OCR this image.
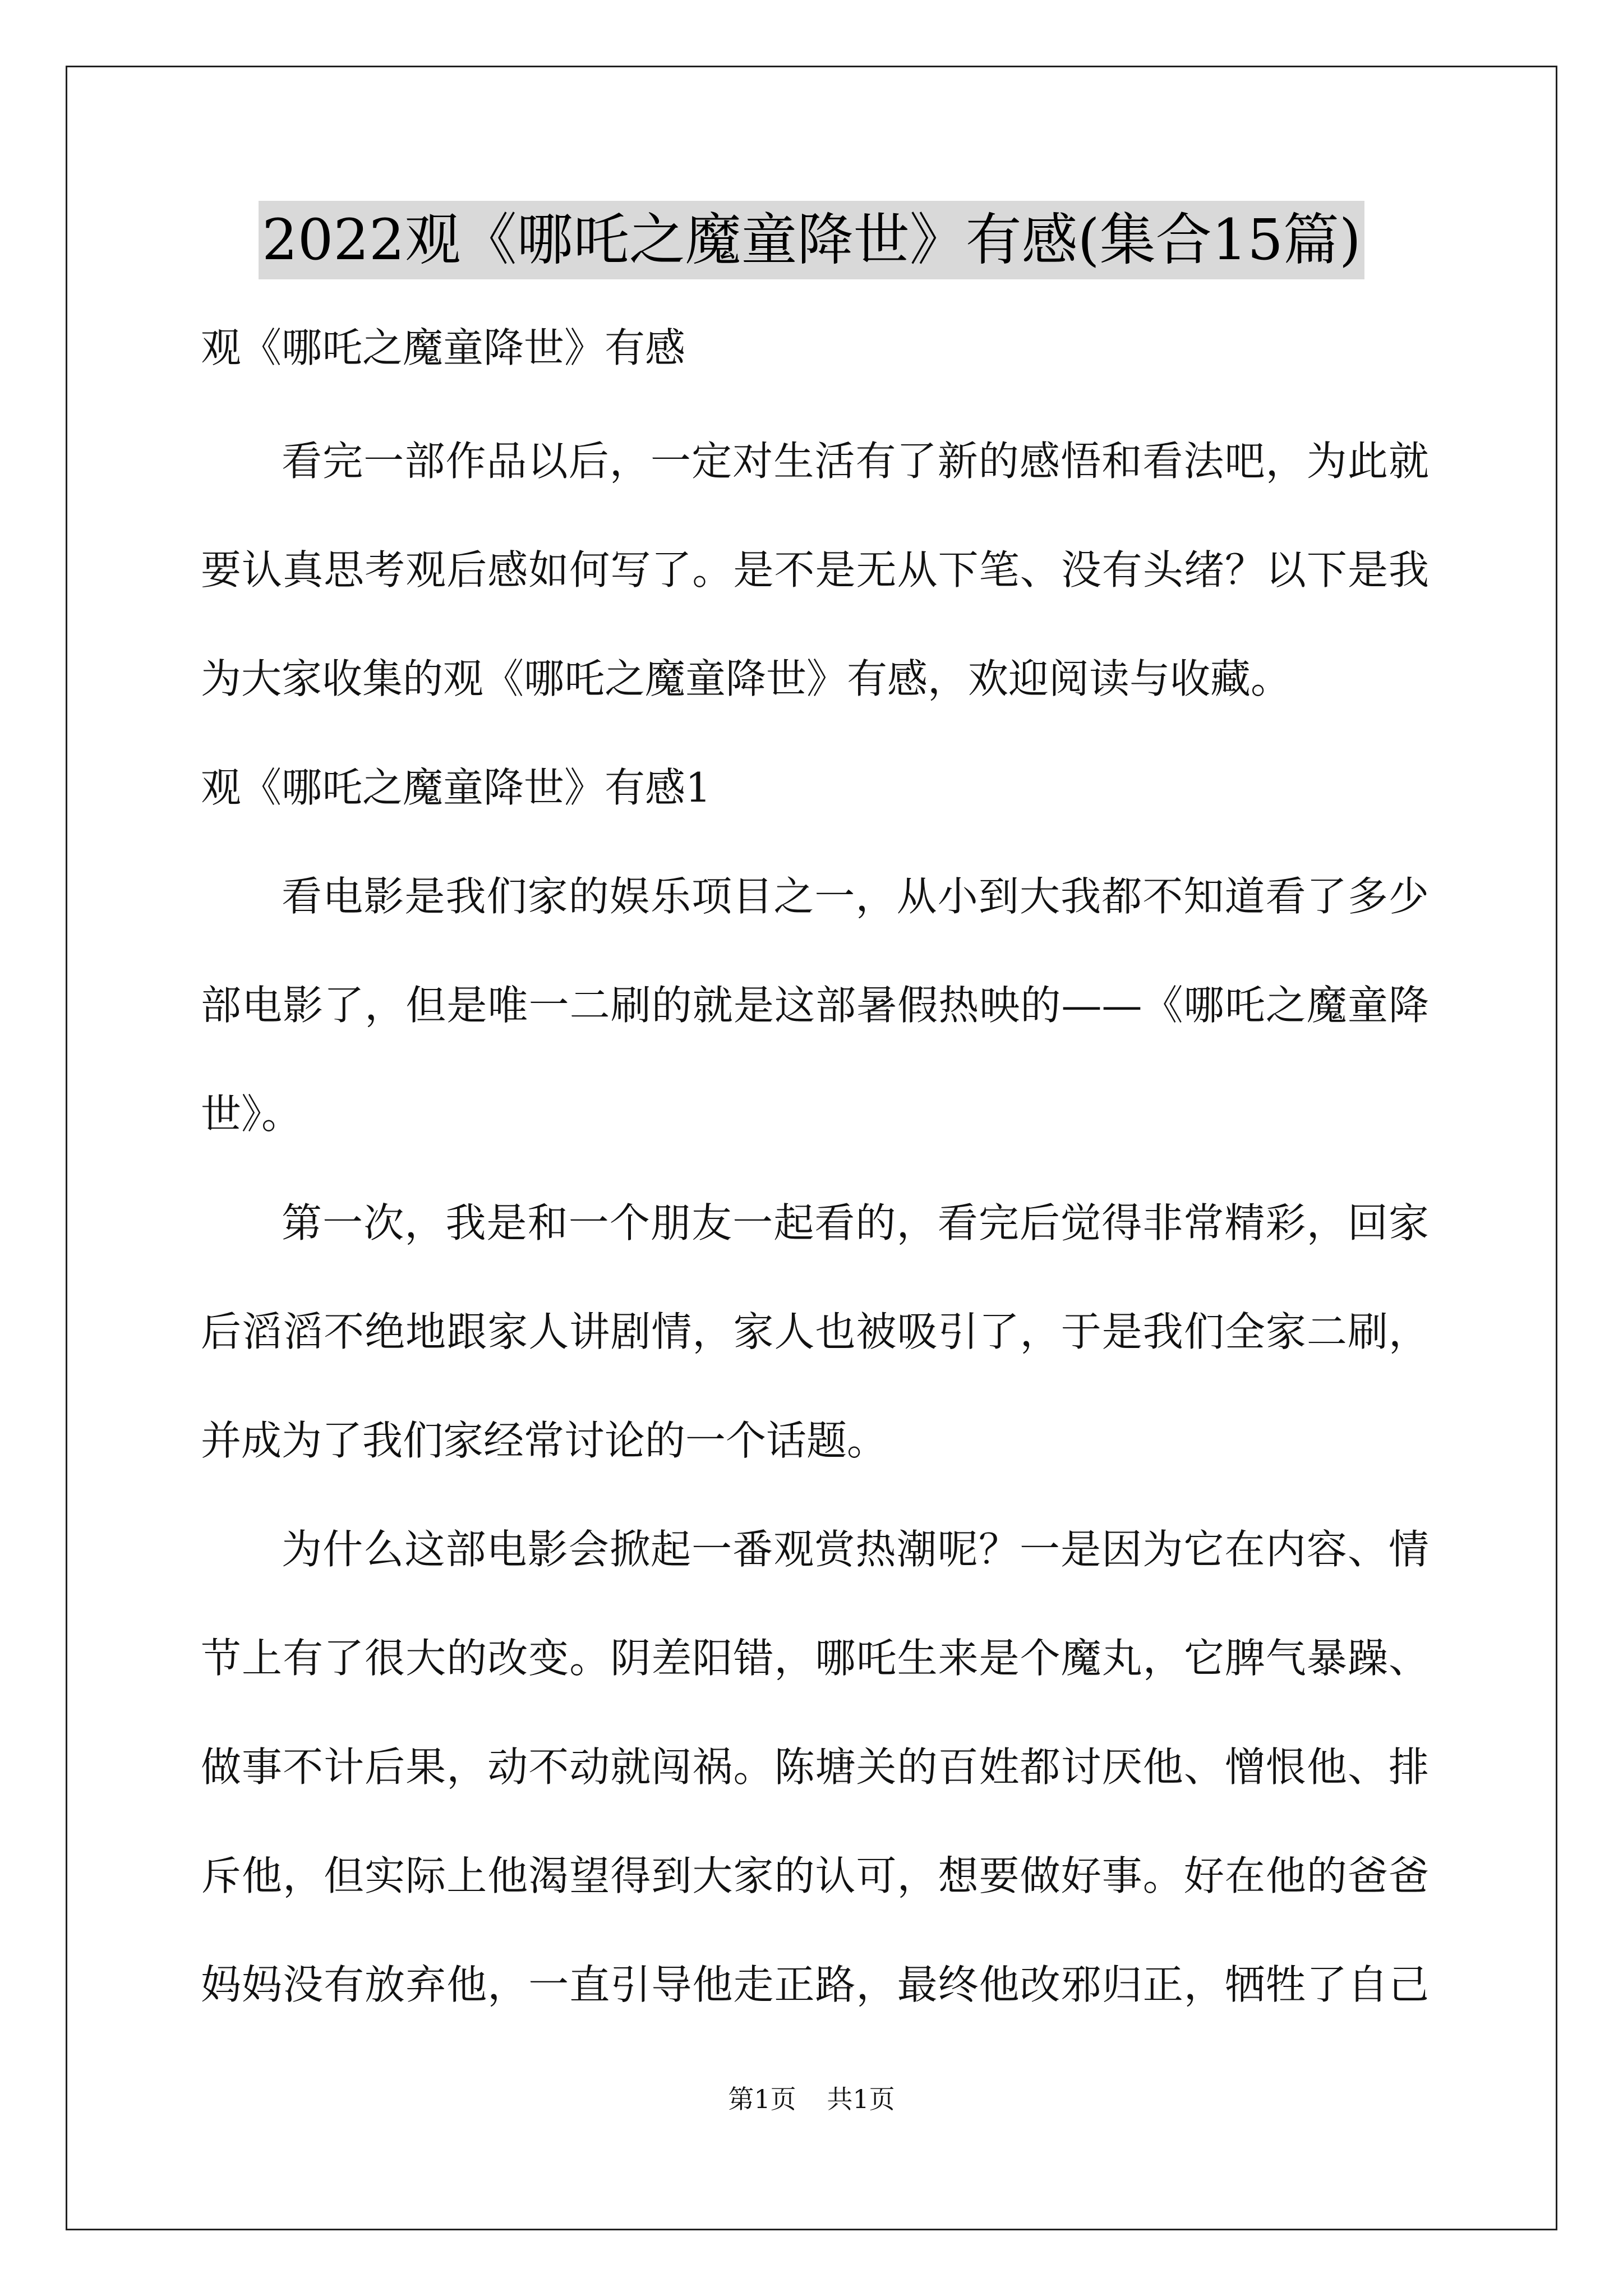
2022观《哪吒之魔童降世》有感(集合15篇)
观《哪吒之魔童降世》有感
看完一部作品以后，一定对生活有了新的感悟和看法吧，为此就
要认真思考观后感如何写了。是不是无从下笔、没有头绪？以下是我
为大家收集的观《哪吒之魔童降世》有感，欢迎阅读与收藏。
观《哪吒之魔童降世》有感1
看电影是我们家的娱乐项目之一，从小到大我都不知道看了多少
部电影了，但是唯一二刷的就是这部暑假热映的——《哪吒之魔童降
世》。
第一次，我是和一个朋友一起看的，看完后觉得非常精彩，回家
后滔滔不绝地跟家人讲剧情，家人也被吸引了，于是我们全家二刷，
并成为了我们家经常讨论的一个话题。
为什么这部电影会掀起一番观赏热潮呢？一是因为它在内容、情
节上有了很大的改变。阴差阳错，哪吒生来是个魔丸，它脾气暴躁、
做事不计后果，动不动就闯祸。陈塘关的百姓都讨厌他、憎恨他、排
斥他，但实际上他渴望得到大家的认可，想要做好事。好在他的爸爸
妈妈没有放弃他，一直引导他走正路，最终他改邪归正，牺牲了自己
第1页 共1页
